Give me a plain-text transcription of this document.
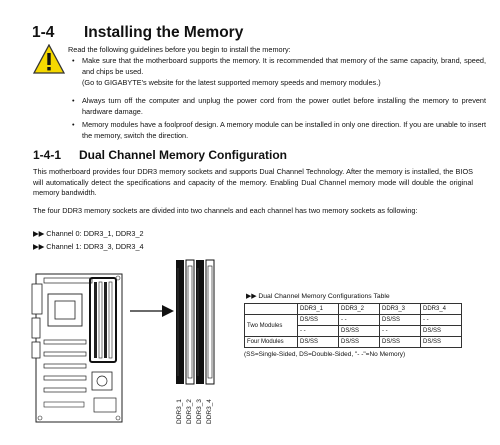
1-4 Installing the Memory
Read the following guidelines before you begin to install the memory:
• Make sure that the motherboard supports the memory. It is recommended that memory of the same capacity, brand, speed, and chips be used.
(Go to GIGABYTE's website for the latest supported memory speeds and memory modules.)
• Always turn off the computer and unplug the power cord from the power outlet before installing the memory to prevent hardware damage.
• Memory modules have a foolproof design. A memory module can be installed in only one direction. If you are unable to insert the memory, switch the direction.
1-4-1 Dual Channel Memory Configuration
This motherboard provides four DDR3 memory sockets and supports Dual Channel Technology. After the memory is installed, the BIOS will automatically detect the specifications and capacity of the memory. Enabling Dual Channel memory mode will double the original memory bandwidth.
The four DDR3 memory sockets are divided into two channels and each channel has two memory sockets as following:
▶▶ Channel 0: DDR3_1, DDR3_2
▶▶ Channel 1: DDR3_3, DDR3_4
DDR3_1 DDR3_2 DDR3_3 DDR3_4
▶▶ Dual Channel Memory Configurations Table
	DDR3_1	DDR3_2	DDR3_3	DDR3_4
Two Modules	DS/SS	- -	DS/SS	- -
	- -	DS/SS	- -	DS/SS
Four Modules	DS/SS	DS/SS	DS/SS	DS/SS
(SS=Single-Sided, DS=Double-Sided, "- -"=No Memory)
